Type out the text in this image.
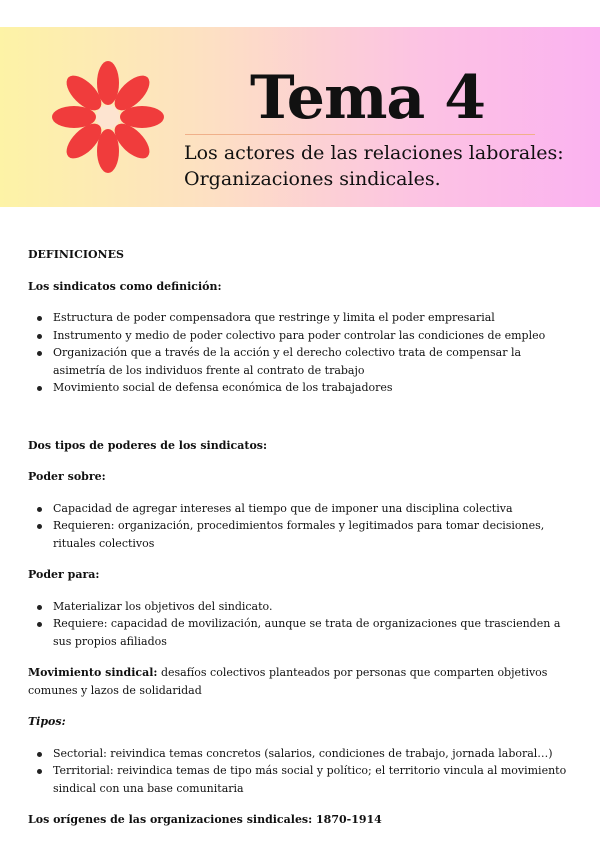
Tema 4
Los actores de las relaciones laborales:
Organizaciones sindicales.

DEFINICIONES

Los sindicatos como definición:

Estructura de poder compensadora que restringe y limita el poder empresarial
Instrumento y medio de poder colectivo para poder controlar las condiciones de empleo
Organización que a través de la acción y el derecho colectivo trata de compensar la asimetría de los individuos frente al contrato de trabajo
Movimiento social de defensa económica de los trabajadores

Dos tipos de poderes de los sindicatos:

Poder sobre:

Capacidad de agregar intereses al tiempo que de imponer una disciplina colectiva
Requieren: organización, procedimientos formales y legitimados para tomar decisiones, rituales colectivos

Poder para:

Materializar los objetivos del sindicato.
Requiere: capacidad de movilización, aunque se trata de organizaciones que trascienden a sus propios afiliados

Movimiento sindical: desafíos colectivos planteados por personas que comparten objetivos comunes y lazos de solidaridad

Tipos:

Sectorial: reivindica temas concretos (salarios, condiciones de trabajo, jornada laboral…)
Territorial: reivindica temas de tipo más social y político; el territorio vincula al movimiento sindical con una base comunitaria

Los orígenes de las organizaciones sindicales: 1870-1914
